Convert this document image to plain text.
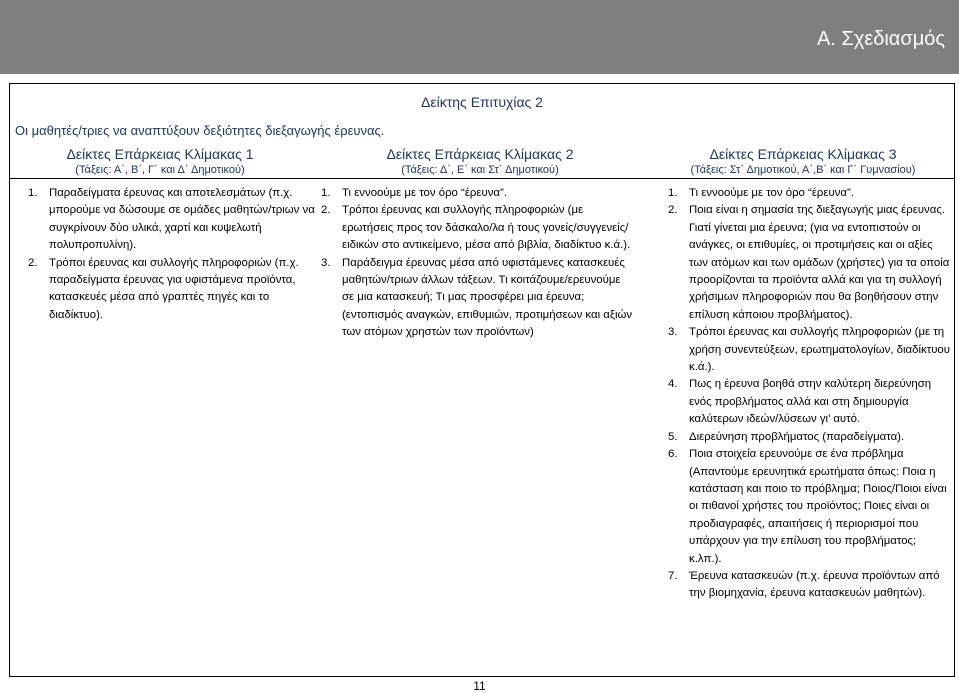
Α. Σχεδιασμός
Δείκτης Επιτυχίας 2
Οι μαθητές/τριες να αναπτύξουν δεξιότητες διεξαγωγής έρευνας.
Δείκτες Επάρκειας Κλίμακας 1
(Τάξεις: Α΄, Β΄, Γ΄ και Δ΄ Δημοτικού)
Δείκτες Επάρκειας Κλίμακας 2
(Τάξεις: Δ΄, Ε΄ και Στ΄ Δημοτικού)
Δείκτες Επάρκειας Κλίμακας 3
(Τάξεις: Στ΄ Δημοτικού, Α΄,Β΄ και Γ΄ Γυμνασίου)
1. Παραδείγματα έρευνας και αποτελεσμάτων (π.χ. μπορούμε να δώσουμε σε ομάδες μαθητών/τριων να συγκρίνουν δύο υλικά, χαρτί και κυψελωτή πολυπροπυλίνη).
2. Τρόποι έρευνας και συλλογής πληροφοριών (π.χ. παραδείγματα έρευνας για υφιστάμενα προϊόντα, κατασκευές μέσα από γραπτές πηγές και το διαδίκτυο).
1. Τι εννοούμε με τον όρο “έρευνα”.
2. Τρόποι έρευνας και συλλογής πληροφοριών (με ερωτήσεις προς τον δάσκαλο/λα ή τους γονείς/συγγενείς/ειδικών στο αντικείμενο, μέσα από βιβλία, διαδίκτυο κ.ά.).
3. Παράδειγμα έρευνας μέσα από υφιστάμενες κατασκευές μαθητών/τριων άλλων τάξεων. Τι κοιτάζουμε/ερευνούμε σε μια κατασκευή; Τι μας προσφέρει μια έρευνα; (εντοπισμός αναγκών, επιθυμιών, προτιμήσεων και αξιών των ατόμων χρηστών των προϊόντων)
1. Τι εννοούμε με τον όρο “έρευνα”.
2. Ποια είναι η σημασία της διεξαγωγής μιας έρευνας. Γιατί γίνεται μια έρευνα; (για να εντοπιστούν οι ανάγκες, οι επιθυμίες, οι προτιμήσεις και οι αξίες των ατόμων και των ομάδων (χρήστες) για τα οποία προορίζονται τα προϊόντα αλλά και για τη συλλογή χρήσιμων πληροφοριών που θα βοηθήσουν στην επίλυση κάποιου προβλήματος).
3. Τρόποι έρευνας και συλλογής πληροφοριών (με τη χρήση συνεντεύξεων, ερωτηματολογίων, διαδίκτυου κ.ά.).
4. Πως η έρευνα βοηθά στην καλύτερη διερεύνηση ενός προβλήματος αλλά και στη δημιουργία καλύτερων ιδεών/λύσεων γι’ αυτό.
5. Διερεύνηση προβλήματος (παραδείγματα).
6. Ποια στοιχεία ερευνούμε σε ένα πρόβλημα (Απαντούμε ερευνητικά ερωτήματα όπως: Ποια η κατάσταση και ποιο το πρόβλημα; Ποιος/Ποιοι είναι οι πιθανοί χρήστες του προϊόντος; Ποιες είναι οι προδιαγραφές, απαιτήσεις ή περιορισμοί που υπάρχουν για την επίλυση του προβλήματος; κ.λπ.).
7. Έρευνα κατασκευών (π.χ. έρευνα προϊόντων από την βιομηχανία, έρευνα κατασκευών μαθητών).
11
